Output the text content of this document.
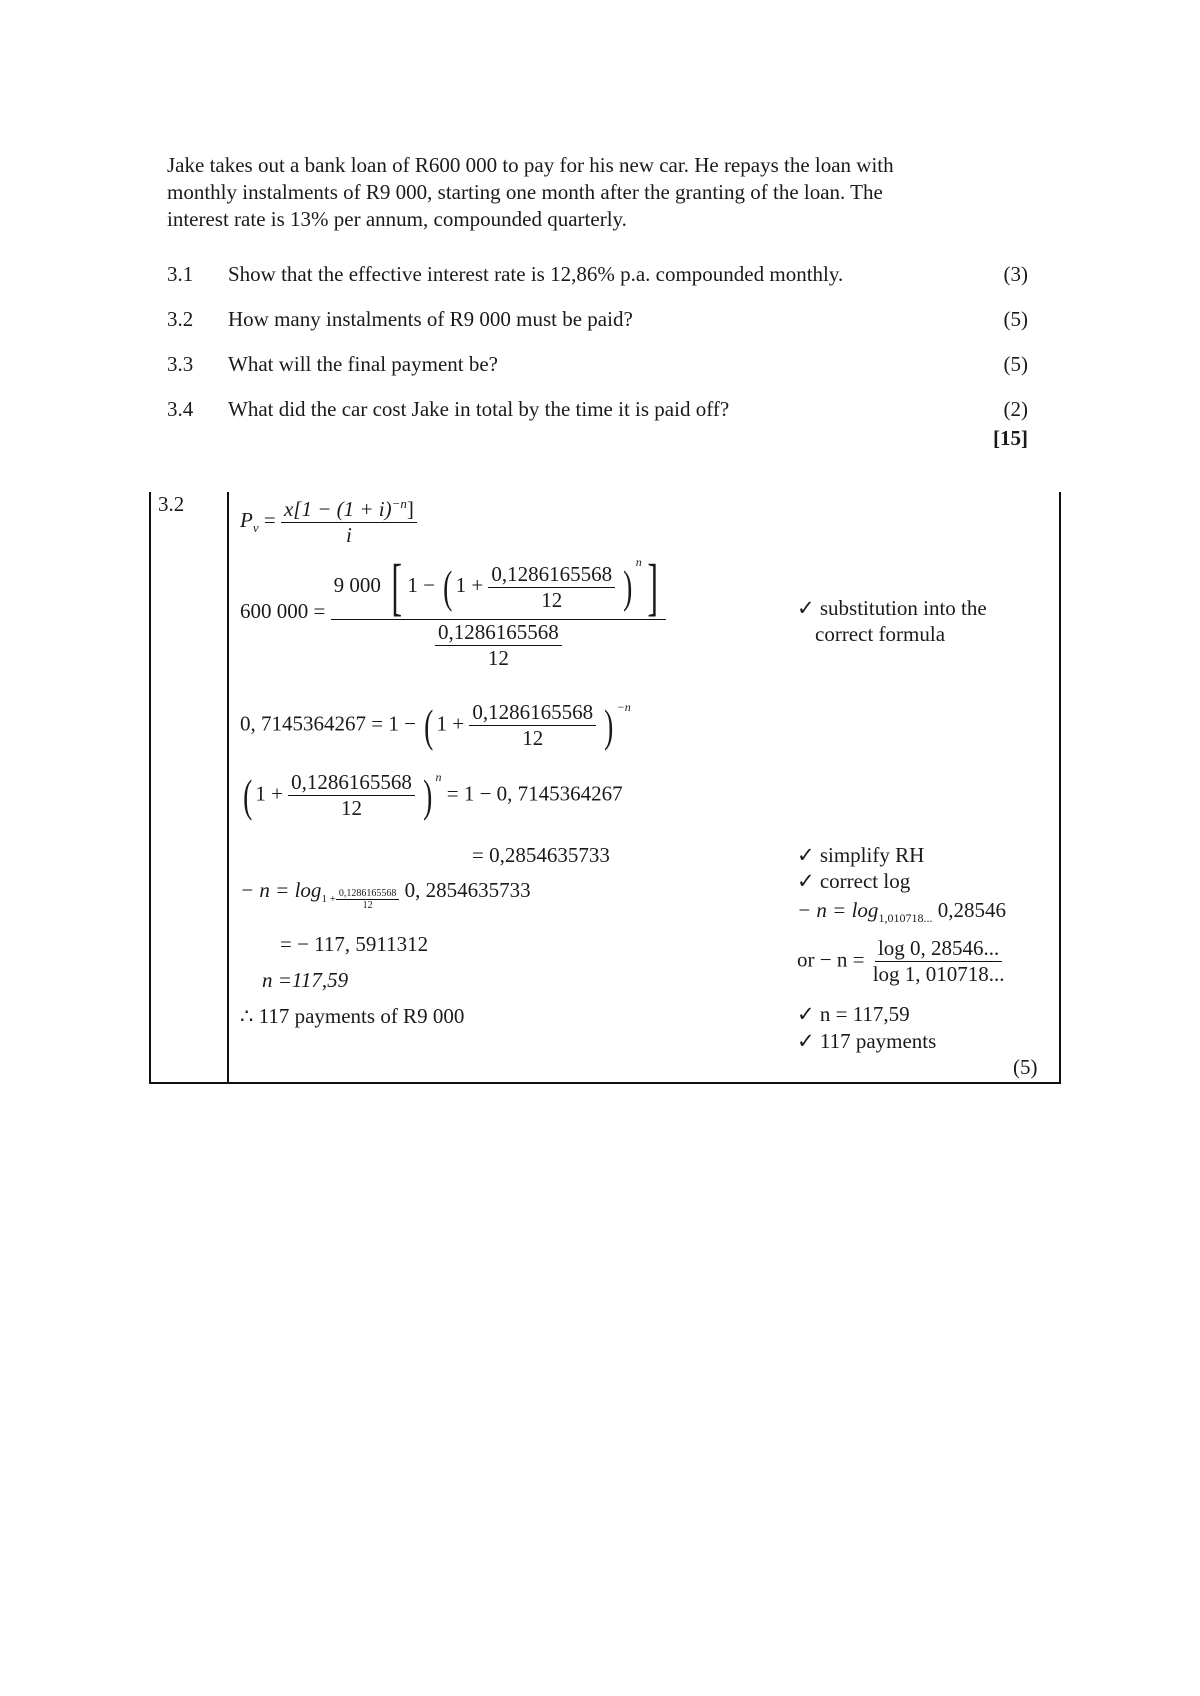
Jake takes out a bank loan of R600 000 to pay for his new car. He repays the loan with

monthly instalments of R9 000, starting one month after the granting of the loan. The

interest rate is 13% per annum, compounded quarterly.

3.1 Show that the effective interest rate is 12,86% p.a. compounded monthly.	(3)
3.2 How many instalments of R9 000 must be paid?	(5)
3.3 What will the final payment be?	(5)
3.4 What did the car cost Jake in total by the time it is paid off?	(2)
[15]
3.2
$P_v = \frac{x[1 - (1 + i)^{-n}]}{i}$
600 $000 = \frac{9 000 [ 1 - ( 1 + \frac{0,1286165568}{12} ) ^n]}{\frac{0,1286165568}{12}}$
0, 7145364267 = 1 − ( $1 + \frac{0,1286165568}{12}$ ) $^{-n}$
( $1 + \frac{0,1286165568}{12}$ ) $^n$ = 1 − 0, 7145364267
= 0,2854635733
− $n = \log_{1 + \frac{0,1286165568}{12}} 0$, 2854635733
= − 117, 5911312
n =117,59
∴ 117 payments of R9 000
✓ substitution into the
correct formula
✓ simplify RH
✓ correct log
− $n = \log_{1,010718...} 0,28546$
or − $n = \frac{\log 0, 28546...}{\log 1, 010718...}$
✓ n = 117,59
✓ 117 payments
(5)
